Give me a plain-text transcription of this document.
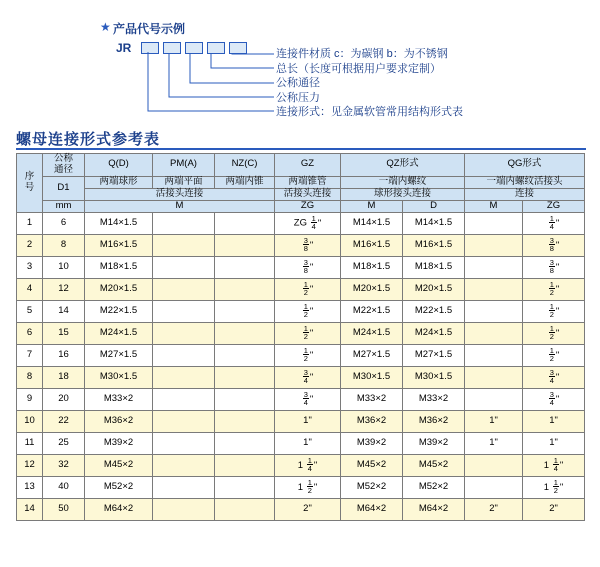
★ 产品代号示例
JR	连接件材质 c：为碳钢 b：为不锈钢
总长（长度可根据用户要求定制）
公称通径
公称压力
连接形式：见金属软管常用结构形式表
螺母连接形式参考表
序
号	公称
通径	Q(D)	PM(A)	NZ(C)	GZ	QZ形式		QG形式	
	D1	两端球形	两端平面	两端内锥	两端锥管	一端内螺纹		一端内螺纹活接头	
		活接头连接			活接头连接	球形接头连接		连接	
	mm	M			ZG	M	D	M	ZG
1	6	M14×1.5			ZG $\frac{1}{4}$ "	M14×1.5	M14×1.5		$\frac{1}{4}$ "
2	8	M16×1.5			$\frac{3}{8}$ "	M16×1.5	M16×1.5		$\frac{3}{8}$ "
3	10	M18×1.5			$\frac{3}{8}$ "	M18×1.5	M18×1.5		$\frac{3}{8}$ "
4	12	M20×1.5			$\frac{1}{2}$ "	M20×1.5	M20×1.5		$\frac{1}{2}$ "
5	14	M22×1.5			$\frac{1}{2}$ "	M22×1.5	M22×1.5		$\frac{1}{2}$ "
6	15	M24×1.5			$\frac{1}{2}$ "	M24×1.5	M24×1.5		$\frac{1}{2}$ "
7	16	M27×1.5			$\frac{1}{2}$ "	M27×1.5	M27×1.5		$\frac{1}{2}$ "
8	18	M30×1.5			$\frac{3}{4}$ "	M30×1.5	M30×1.5		$\frac{3}{4}$ "
9	20	M33×2			$\frac{3}{4}$ "	M33×2	M33×2		$\frac{3}{4}$ "
10	22	M36×2			1"	M36×2	M36×2	1"	1"
11	25	M39×2			1"	M39×2	M39×2	1"	1"
12	32	M45×2			$1 \frac{1}{4}$ "	M45×2	M45×2		$1 \frac{1}{4}$ "
13	40	M52×2			$1 \frac{1}{2}$ "	M52×2	M52×2		$1 \frac{1}{2}$ "
14	50	M64×2			2"	M64×2	M64×2	2"	2"
